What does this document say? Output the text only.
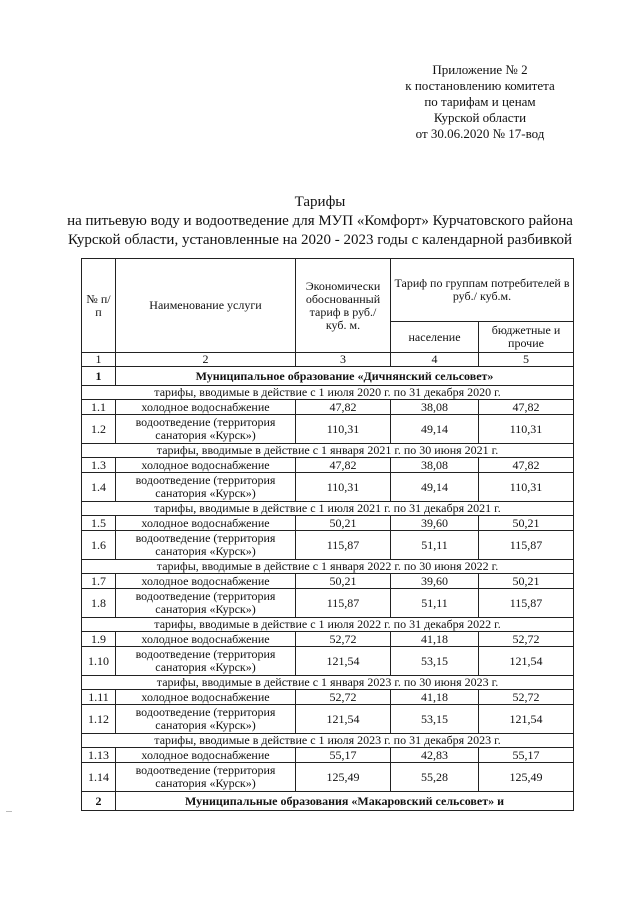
Приложение № 2
к постановлению комитета
по тарифам и ценам
Курской области
от 30.06.2020 № 17-вод
Тарифы
на питьевую воду и водоотведение для МУП «Комфорт» Курчатовского района
Курской области, установленные на 2020 - 2023 годы с календарной разбивкой
№ п/п	Наименование услуги	Экономически обоснованный тариф в руб./ куб. м.	Тариф по группам потребителей в руб./ куб.м.	
			население	бюджетные и прочие
1	2	3	4	5
1	Муниципальное образование «Дичнянский сельсовет»			
тарифы, вводимые в действие с 1 июля 2020 г. по 31 декабря 2020 г.				
1.1	холодное водоснабжение	47,82	38,08	47,82
1.2	водоотведение (территория санатория «Курск»)	110,31	49,14	110,31
тарифы, вводимые в действие с 1 января 2021 г. по 30 июня 2021 г.				
1.3	холодное водоснабжение	47,82	38,08	47,82
1.4	водоотведение (территория санатория «Курск»)	110,31	49,14	110,31
тарифы, вводимые в действие с 1 июля 2021 г. по 31 декабря 2021 г.				
1.5	холодное водоснабжение	50,21	39,60	50,21
1.6	водоотведение (территория санатория «Курск»)	115,87	51,11	115,87
тарифы, вводимые в действие с 1 января 2022 г. по 30 июня 2022 г.				
1.7	холодное водоснабжение	50,21	39,60	50,21
1.8	водоотведение (территория санатория «Курск»)	115,87	51,11	115,87
тарифы, вводимые в действие с 1 июля 2022 г. по 31 декабря 2022 г.				
1.9	холодное водоснабжение	52,72	41,18	52,72
1.10	водоотведение (территория санатория «Курск»)	121,54	53,15	121,54
тарифы, вводимые в действие с 1 января 2023 г. по 30 июня 2023 г.				
1.11	холодное водоснабжение	52,72	41,18	52,72
1.12	водоотведение (территория санатория «Курск»)	121,54	53,15	121,54
тарифы, вводимые в действие с 1 июля 2023 г. по 31 декабря 2023 г.				
1.13	холодное водоснабжение	55,17	42,83	55,17
1.14	водоотведение (территория санатория «Курск»)	125,49	55,28	125,49
2	Муниципальные образования «Макаровский сельсовет» и			
